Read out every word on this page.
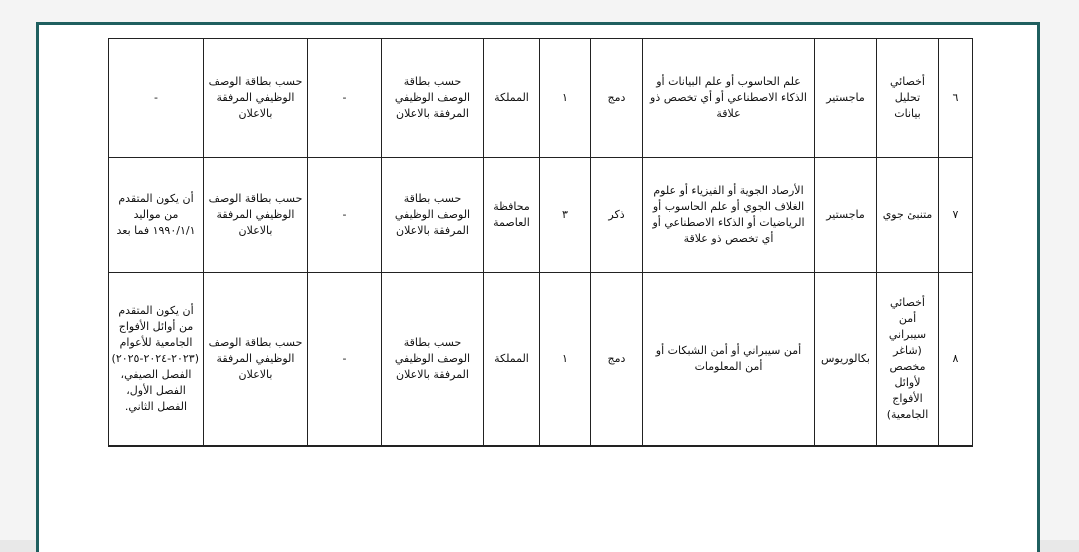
٦	أخصائي تحليل بيانات	ماجستير	علم الحاسوب أو علم البيانات أو الذكاء الاصطناعي أو أي تخصص ذو علاقة	دمج	١	المملكة	حسب بطاقة الوصف الوظيفي المرفقة بالاعلان	-	حسب بطاقة الوصف الوظيفي المرفقة بالاعلان	-
٧	متنبئ جوي	ماجستير	الأرصاد الجوية أو الفيزياء أو علوم الغلاف الجوي أو علم الحاسوب أو الرياضيات أو الذكاء الاصطناعي أو أي تخصص ذو علاقة	ذكر	٣	محافظة العاصمة	حسب بطاقة الوصف الوظيفي المرفقة بالاعلان	-	حسب بطاقة الوصف الوظيفي المرفقة بالاعلان	أن يكون المتقدم من مواليد ١٩٩٠/١/١ فما بعد
٨	أخصائي أمن سيبراني (شاغر مخصص لأوائل الأفواج الجامعية)	بكالوريوس	أمن سيبراني أو أمن الشبكات أو أمن المعلومات	دمج	١	المملكة	حسب بطاقة الوصف الوظيفي المرفقة بالاعلان	-	حسب بطاقة الوصف الوظيفي المرفقة بالاعلان	أن يكون المتقدم من أوائل الأفواج الجامعية للأعوام (٢٠٢٣-٢٠٢٤-٢٠٢٥) الفصل الصيفي، الفصل الأول، الفصل الثاني.
